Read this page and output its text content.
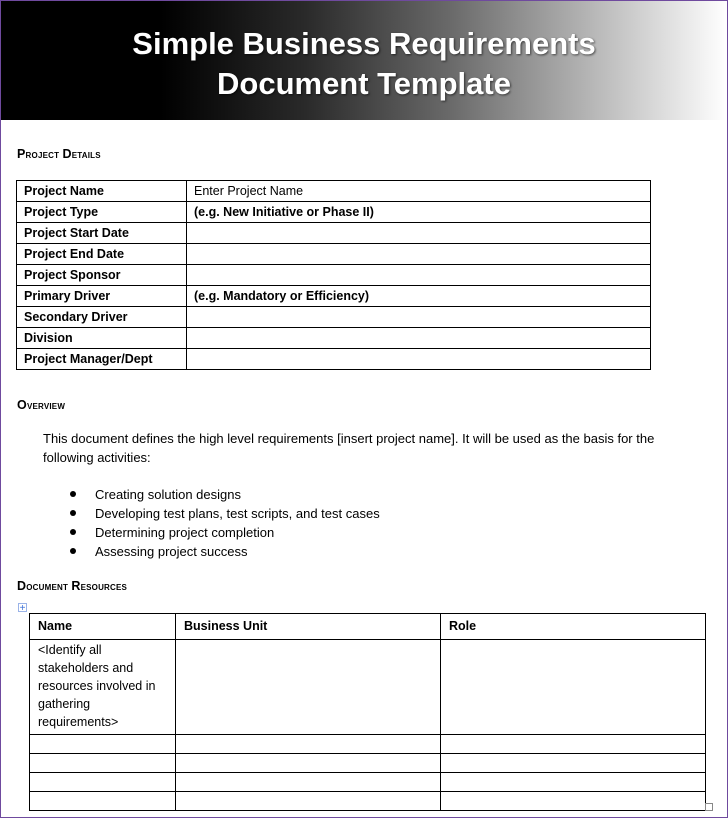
Simple Business Requirements
Document Template
Project Details
Project Name	Enter Project Name
Project Type	(e.g. New Initiative or Phase II)
Project Start Date	
Project End Date	
Project Sponsor	
Primary Driver	(e.g. Mandatory or Efficiency)
Secondary Driver	
Division	
Project Manager/Dept	
Overview
This document defines the high level requirements [insert project name]. It will be used as the basis for the following activities:
Creating solution designs
Developing test plans, test scripts, and test cases
Determining project completion
Assessing project success
Document Resources
+
Name	Business Unit	Role
<Identify all stakeholders and resources involved in gathering requirements>		
